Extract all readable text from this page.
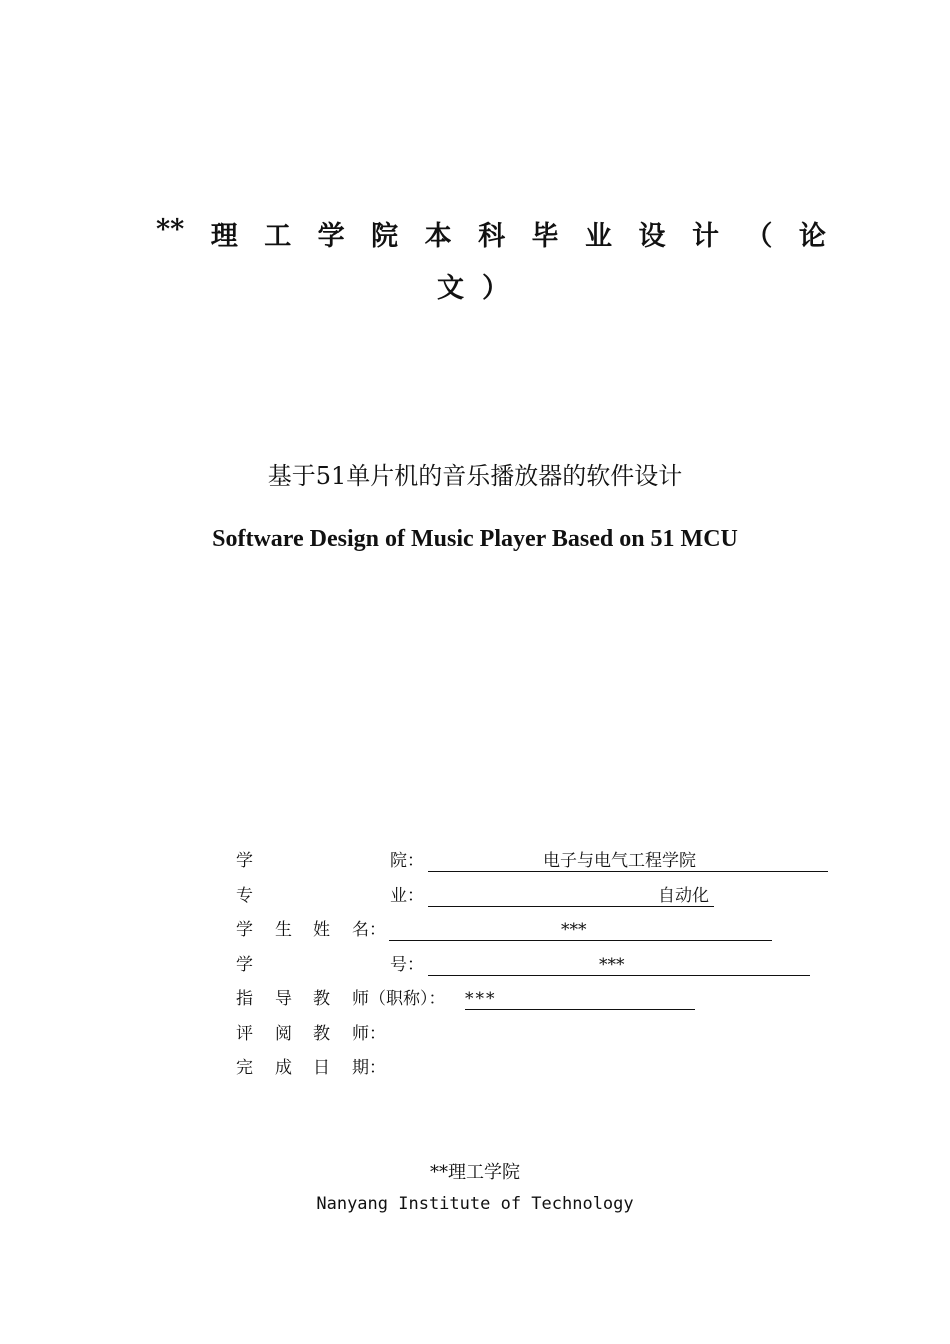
** 理 工 学 院 本 科 毕 业 设 计 （ 论
文）
基于51单片机的音乐播放器的软件设计
Software Design of Music Player Based on 51 MCU
学	院：	电子与电气工程学院
专	业：	自动化
学 生 姓 名：	***
学	号：	***
指 导 教 师（职称）： ***
评 阅 教 师：
完 成 日 期：
**理工学院
Nanyang Institute of Technology
